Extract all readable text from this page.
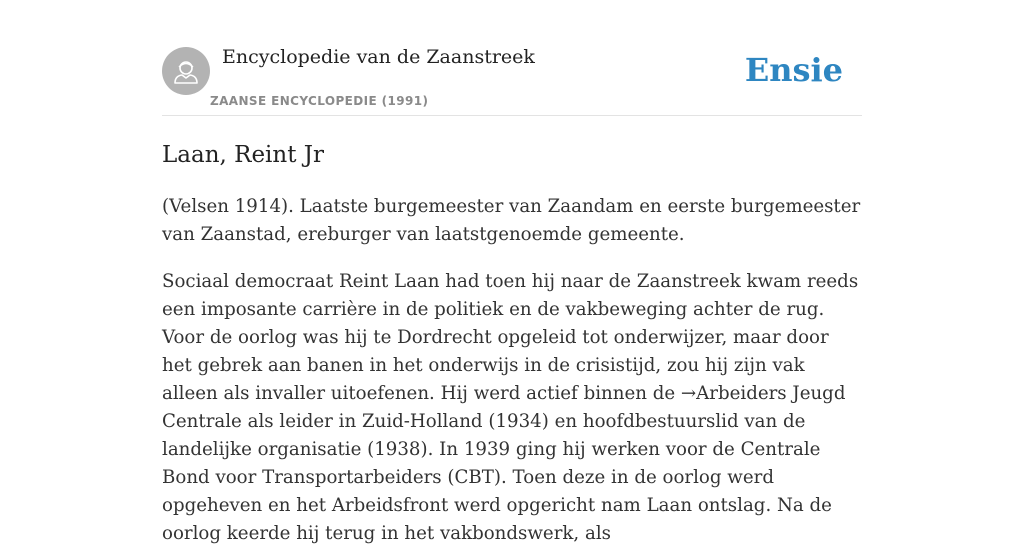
Encyclopedie van de Zaanstreek
ZAANSE ENCYCLOPEDIE (1991)
Ensie
Laan, Reint Jr

(Velsen 1914). Laatste burgemeester van Zaandam en eerste burgemeester van Zaanstad, ereburger van laatstgenoemde gemeente.

Sociaal democraat Reint Laan had toen hij naar de Zaanstreek kwam reeds een imposante carrière in de politiek en de vakbeweging achter de rug. Voor de oorlog was hij te Dordrecht opgeleid tot onderwijzer, maar door het gebrek aan banen in het onderwijs in de crisistijd, zou hij zijn vak alleen als invaller uitoefenen. Hij werd actief binnen de →Arbeiders Jeugd Centrale als leider in Zuid-Holland (1934) en hoofdbestuurslid van de landelijke organisatie (1938). In 1939 ging hij werken voor de Centrale Bond voor Transportarbeiders (CBT). Toen deze in de oorlog werd opgeheven en het Arbeidsfront werd opgericht nam Laan ontslag. Na de oorlog keerde hij terug in het vakbondswerk, als
